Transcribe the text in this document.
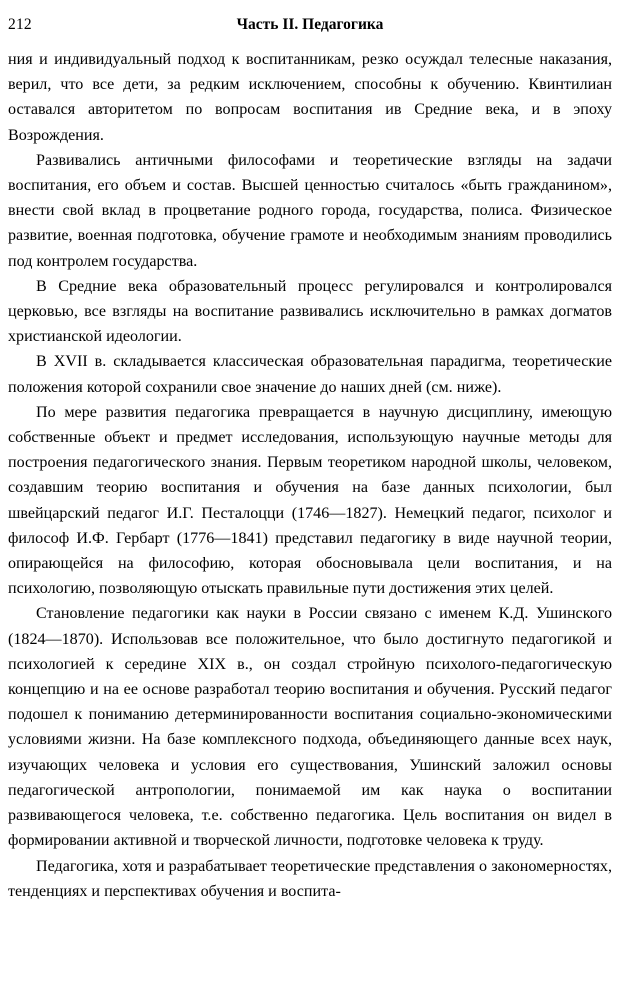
212	Часть II. Педагогика

ния и индивидуальный подход к воспитанникам, резко осуждал телесные наказания, верил, что все дети, за редким исключением, способны к обучению. Квинтилиан оставался авторитетом по вопросам воспитания ив Средние века, и в эпоху Возрождения.

Развивались античными философами и теоретические взгляды на задачи воспитания, его объем и состав. Высшей ценностью считалось «быть гражданином», внести свой вклад в процветание родного города, государства, полиса. Физическое развитие, военная подготовка, обучение грамоте и необходимым знаниям проводились под контролем государства.

В Средние века образовательный процесс регулировался и контролировался церковью, все взгляды на воспитание развивались исключительно в рамках догматов христианской идеологии.

В XVII в. складывается классическая образовательная парадигма, теоретические положения которой сохранили свое значение до наших дней (см. ниже).

По мере развития педагогика превращается в научную дисциплину, имеющую собственные объект и предмет исследования, использующую научные методы для построения педагогического знания. Первым теоретиком народной школы, человеком, создавшим теорию воспитания и обучения на базе данных психологии, был швейцарский педагог И.Г. Песталоцци (1746—1827). Немецкий педагог, психолог и философ И.Ф. Гербарт (1776—1841) представил педагогику в виде научной теории, опирающейся на философию, которая обосновывала цели воспитания, и на психологию, позволяющую отыскать правильные пути достижения этих целей.

Становление педагогики как науки в России связано с именем К.Д. Ушинского (1824—1870). Использовав все положительное, что было достигнуто педагогикой и психологией к середине XIX в., он создал стройную психолого-педагогическую концепцию и на ее основе разработал теорию воспитания и обучения. Русский педагог подошел к пониманию детерминированности воспитания социально-экономическими условиями жизни. На базе комплексного подхода, объединяющего данные всех наук, изучающих человека и условия его существования, Ушинский заложил основы педагогической антропологии, понимаемой им как наука о воспитании развивающегося человека, т.е. собственно педагогика. Цель воспитания он видел в формировании активной и творческой личности, подготовке человека к труду.

Педагогика, хотя и разрабатывает теоретические представления о закономерностях, тенденциях и перспективах обучения и воспита-
